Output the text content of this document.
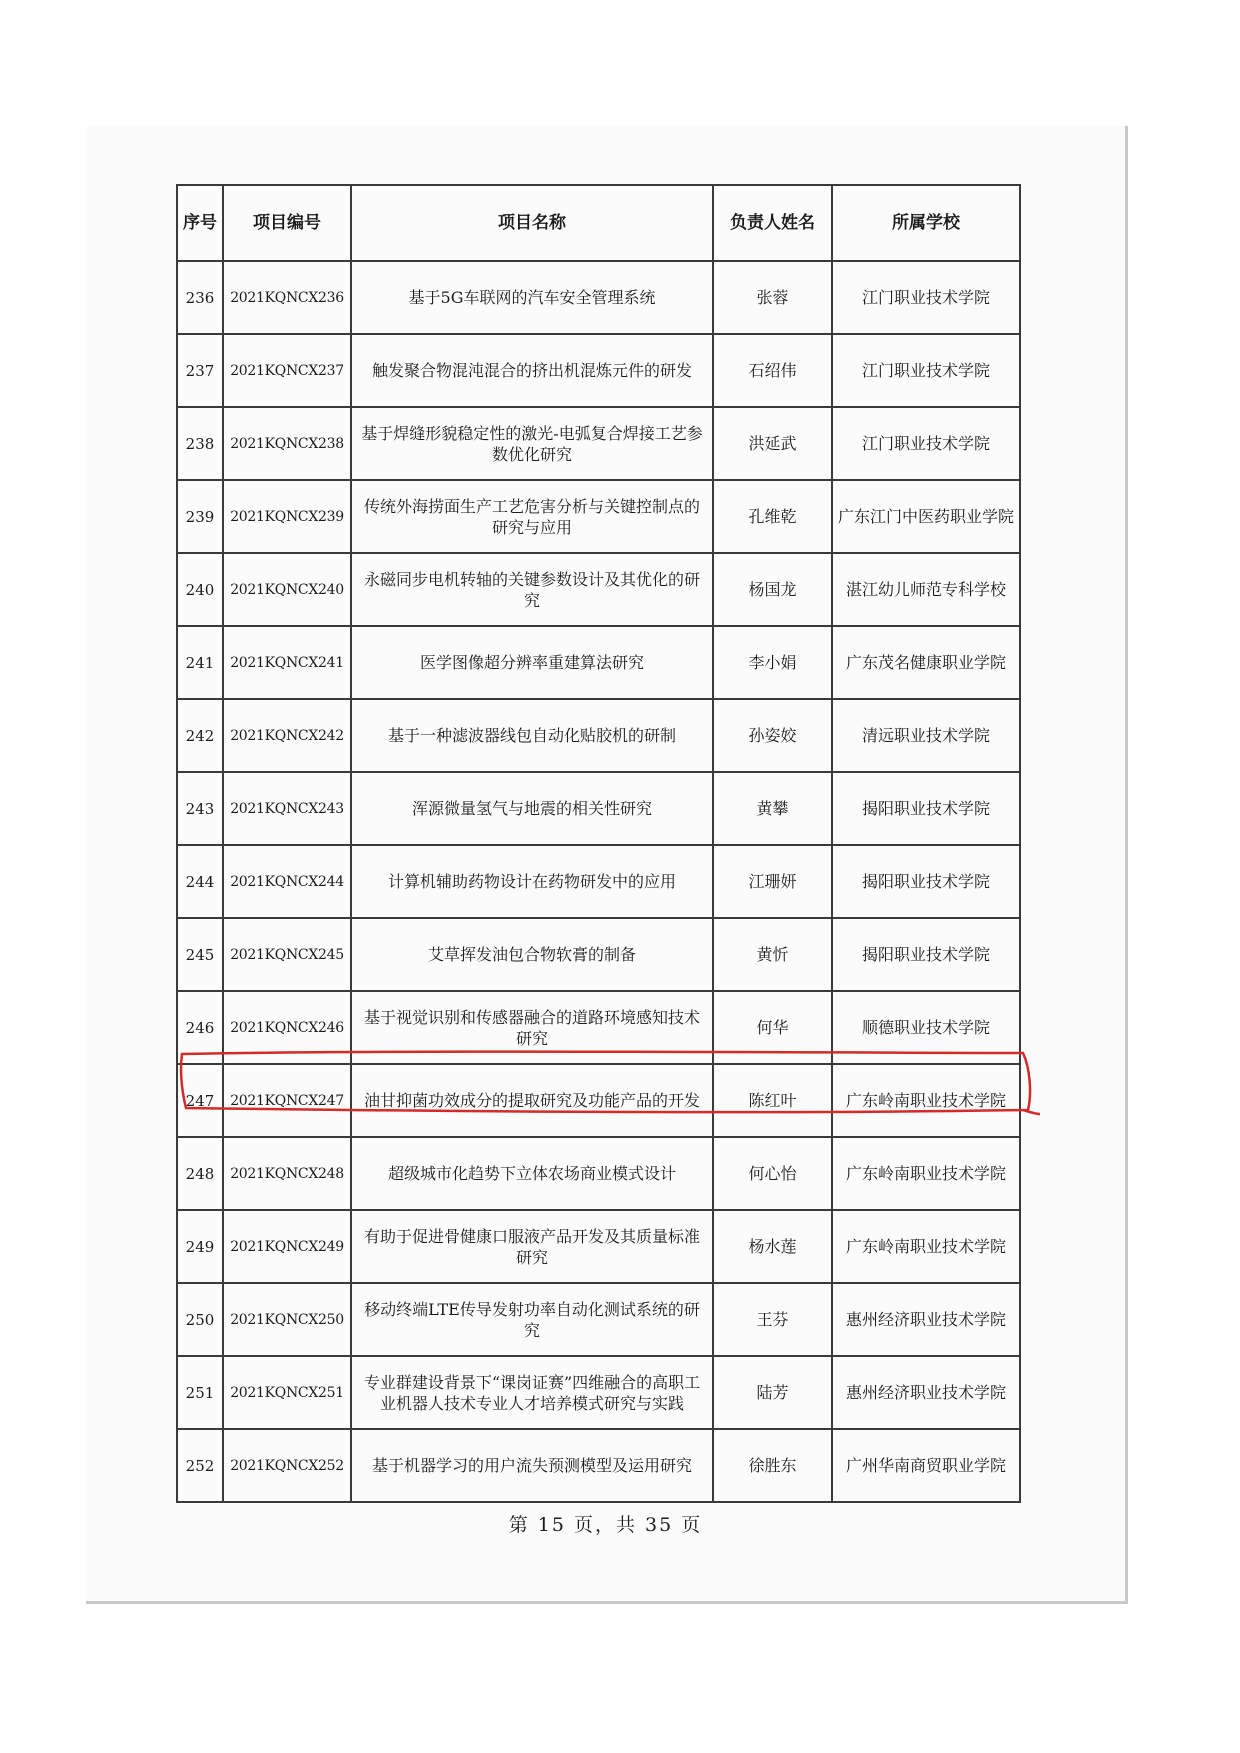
序号	项目编号	项目名称	负责人姓名	所属学校
236	2021KQNCX236	基于5G车联网的汽车安全管理系统	张蓉	江门职业技术学院
237	2021KQNCX237	触发聚合物混沌混合的挤出机混炼元件的研发	石绍伟	江门职业技术学院
238	2021KQNCX238	基于焊缝形貌稳定性的激光-电弧复合焊接工艺参数优化研究	洪延武	江门职业技术学院
239	2021KQNCX239	传统外海捞面生产工艺危害分析与关键控制点的研究与应用	孔维乾	广东江门中医药职业学院
240	2021KQNCX240	永磁同步电机转轴的关键参数设计及其优化的研究	杨国龙	湛江幼儿师范专科学校
241	2021KQNCX241	医学图像超分辨率重建算法研究	李小娟	广东茂名健康职业学院
242	2021KQNCX242	基于一种滤波器线包自动化贴胶机的研制	孙姿姣	清远职业技术学院
243	2021KQNCX243	浑源微量氢气与地震的相关性研究	黄攀	揭阳职业技术学院
244	2021KQNCX244	计算机辅助药物设计在药物研发中的应用	江珊妍	揭阳职业技术学院
245	2021KQNCX245	艾草挥发油包合物软膏的制备	黄忻	揭阳职业技术学院
246	2021KQNCX246	基于视觉识别和传感器融合的道路环境感知技术研究	何华	顺德职业技术学院
247	2021KQNCX247	油甘抑菌功效成分的提取研究及功能产品的开发	陈红叶	广东岭南职业技术学院
248	2021KQNCX248	超级城市化趋势下立体农场商业模式设计	何心怡	广东岭南职业技术学院
249	2021KQNCX249	有助于促进骨健康口服液产品开发及其质量标准研究	杨水莲	广东岭南职业技术学院
250	2021KQNCX250	移动终端LTE传导发射功率自动化测试系统的研究	王芬	惠州经济职业技术学院
251	2021KQNCX251	专业群建设背景下“课岗证赛”四维融合的高职工业机器人技术专业人才培养模式研究与实践	陆芳	惠州经济职业技术学院
252	2021KQNCX252	基于机器学习的用户流失预测模型及运用研究	徐胜东	广州华南商贸职业学院
第 15 页，共 35 页
